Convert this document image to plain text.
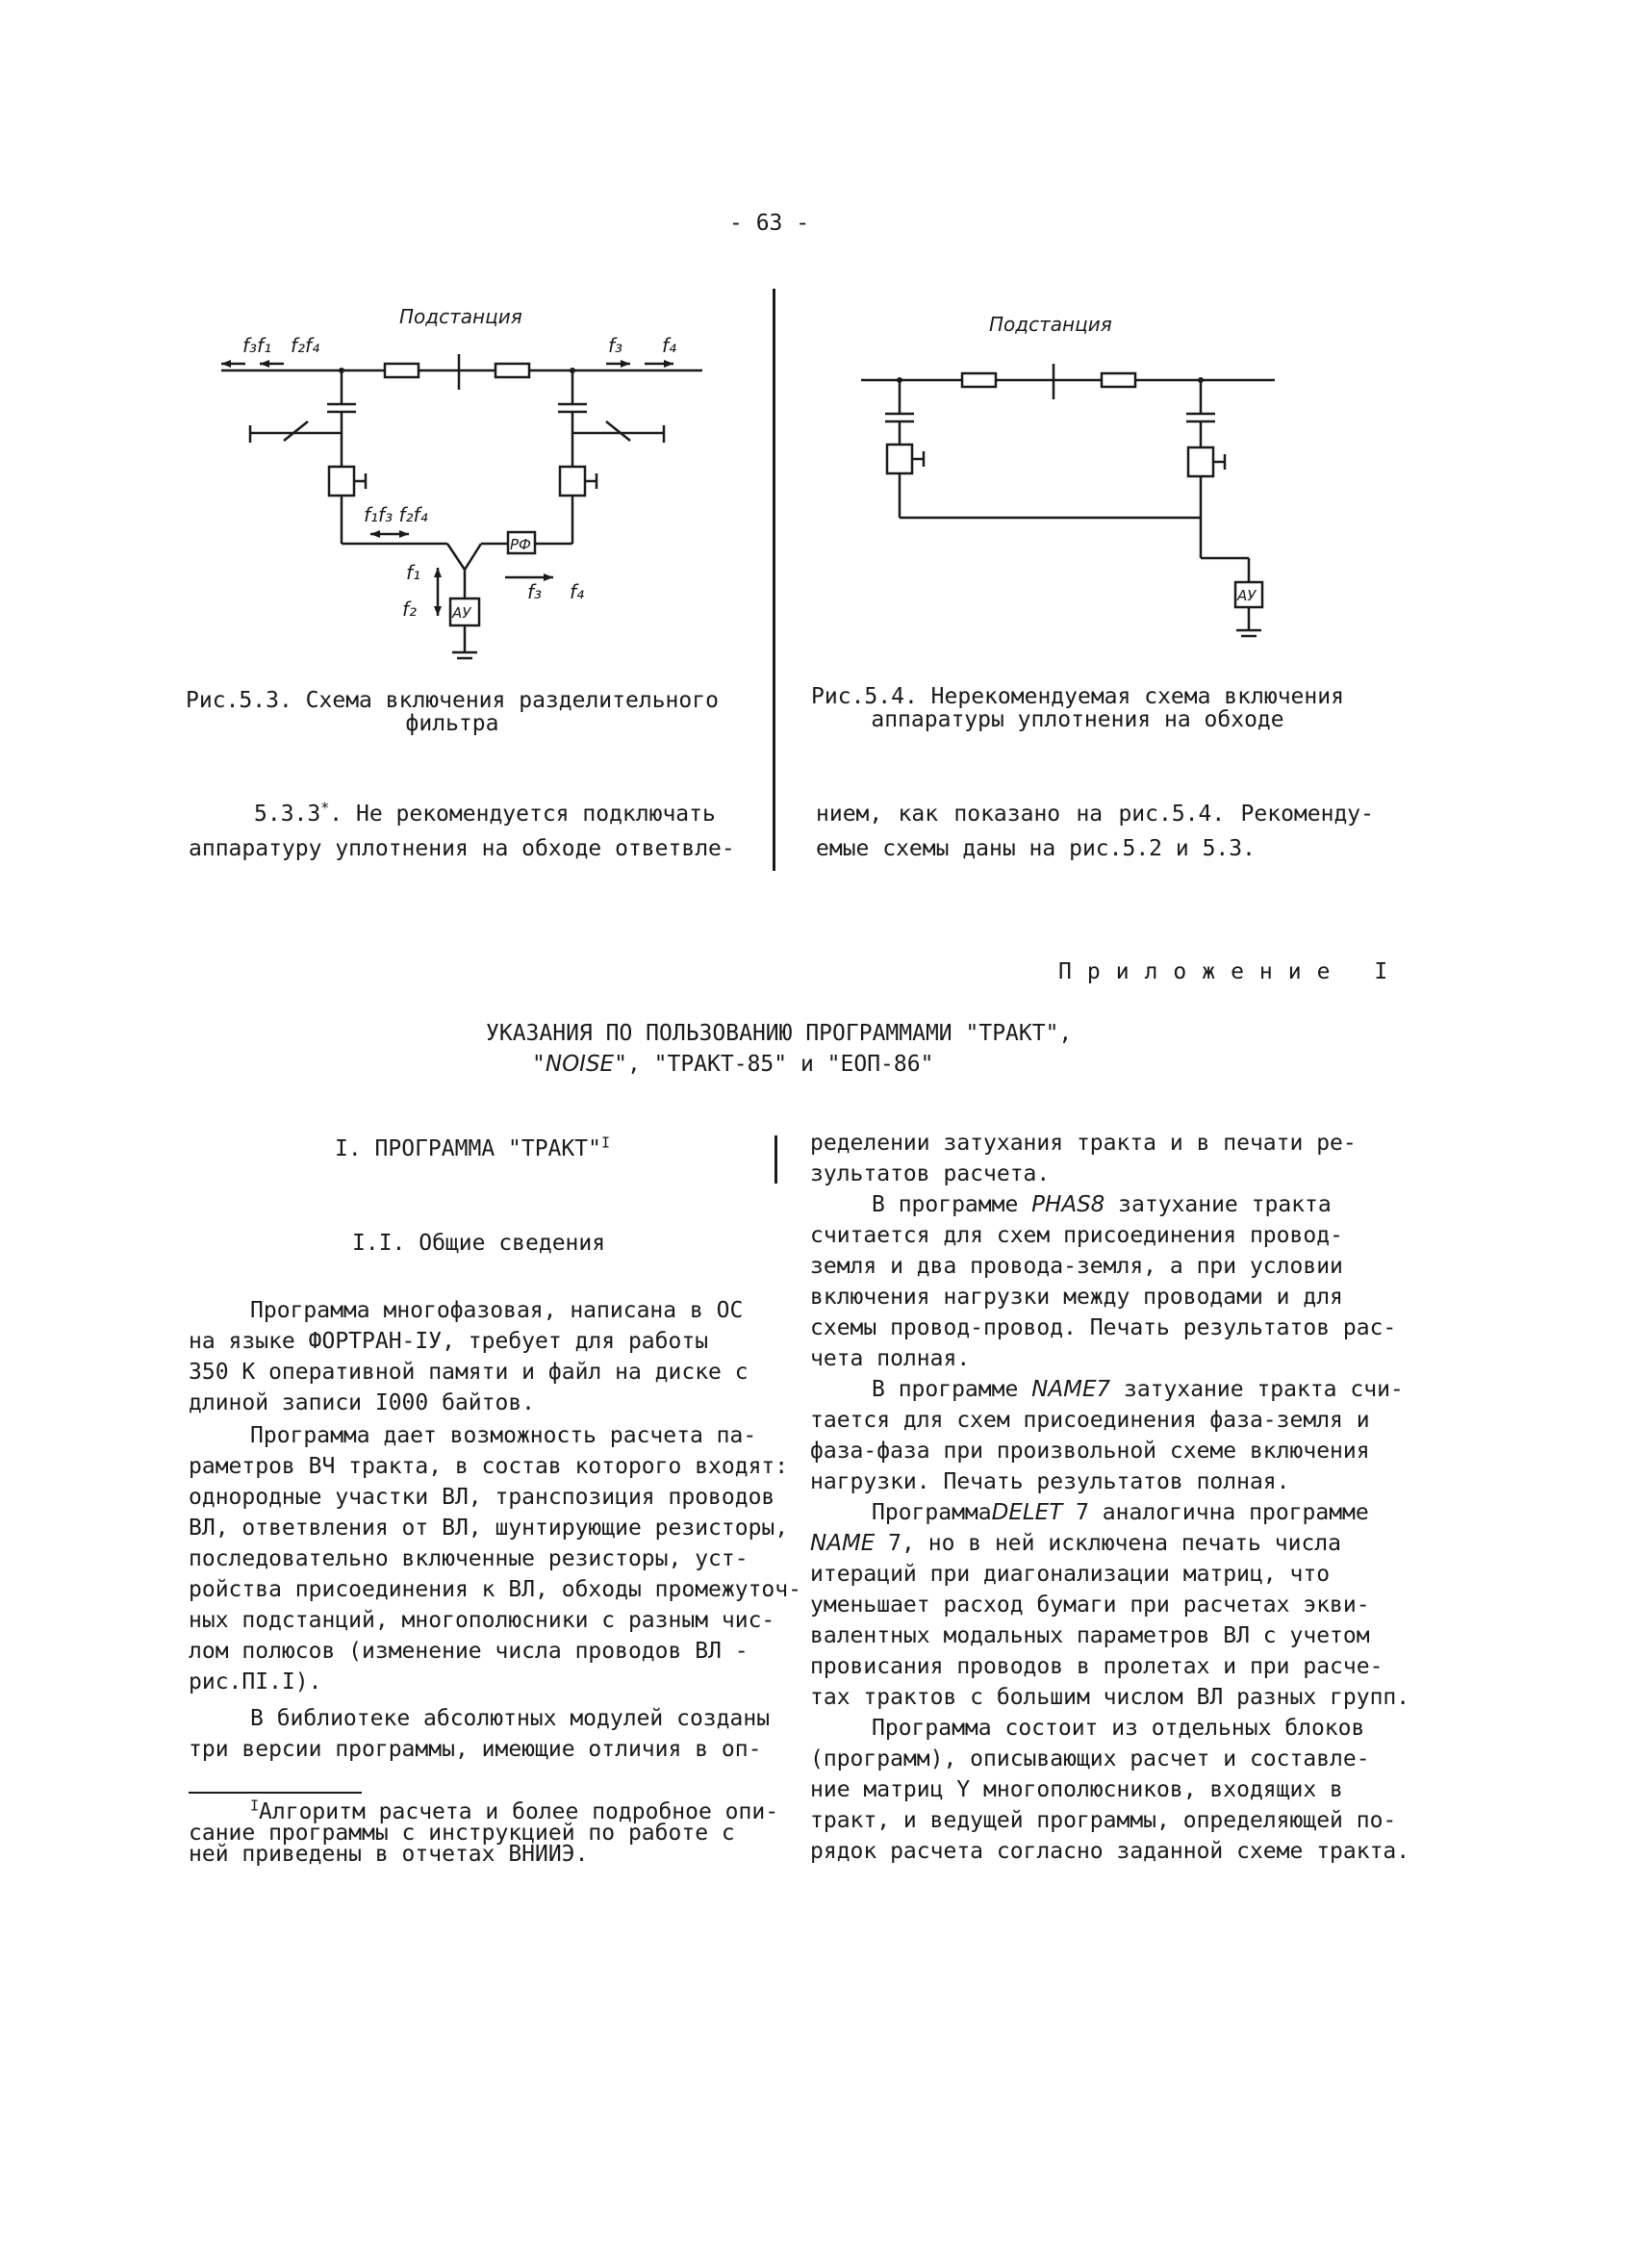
- 63 -
Подстанция
f₃f₁ f₂f₄	f₃ f₄
f₁f₃ f₂f₄
f₁
f₂
f₃ f₄
РФ
АУ
Рис.5.3. Схема включения разделительного
фильтра
Подстанция
АУ
Рис.5.4. Нерекомендуемая схема включения
аппаратуры уплотнения на обходе
5.3.3*. Не рекомендуется подключать
аппаратуру уплотнения на обходе ответвле-
нием, как показано на рис.5.4. Рекоменду-
емые схемы даны на рис.5.2 и 5.3.
Приложение I
УКАЗАНИЯ ПО ПОЛЬЗОВАНИЮ ПРОГРАММАМИ "ТРАКТ",
"NOISE", "ТРАКТ-85" и "ЕОП-86"
I. ПРОГРАММА "ТРАКТ"$^I$
I.I. Общие сведения
Программа многофазовая, написана в ОС
на языке ФОРТРАН-IУ, требует для работы
350 К оперативной памяти и файл на диске с
длиной записи I000 байтов.
Программа дает возможность расчета па-
раметров ВЧ тракта, в состав которого входят:
однородные участки ВЛ, транспозиция проводов
ВЛ, ответвления от ВЛ, шунтирующие резисторы,
последовательно включенные резисторы, уст-
ройства присоединения к ВЛ, обходы промежуточ-
ных подстанций, многополюсники с разным чис-
лом полюсов (изменение числа проводов ВЛ -
рис.ПI.I).
В библиотеке абсолютных модулей созданы
три версии программы, имеющие отличия в оп-
$^I$Алгоритм расчета и более подробное опи-
сание программы с инструкцией по работе с
ней приведены в отчетах ВНИИЭ.
ределении затухания тракта и в печати ре-
зультатов расчета.
В программе PHAS8 затухание тракта
считается для схем присоединения провод-
земля и два провода-земля, а при условии
включения нагрузки между проводами и для
схемы провод-провод. Печать результатов рас-
чета полная.
В программе NAME7 затухание тракта счи-
тается для схем присоединения фаза-земля и
фаза-фаза при произвольной схеме включения
нагрузки. Печать результатов полная.
ПрограммаDELET 7 аналогична программе
NAME 7, но в ней исключена печать числа
итераций при диагонализации матриц, что
уменьшает расход бумаги при расчетах экви-
валентных модальных параметров ВЛ с учетом
провисания проводов в пролетах и при расче-
тах трактов с большим числом ВЛ разных групп.
Программа состоит из отдельных блоков
(программ), описывающих расчет и составле-
ние матриц Y многополюсников, входящих в
тракт, и ведущей программы, определяющей по-
рядок расчета согласно заданной схеме тракта.
